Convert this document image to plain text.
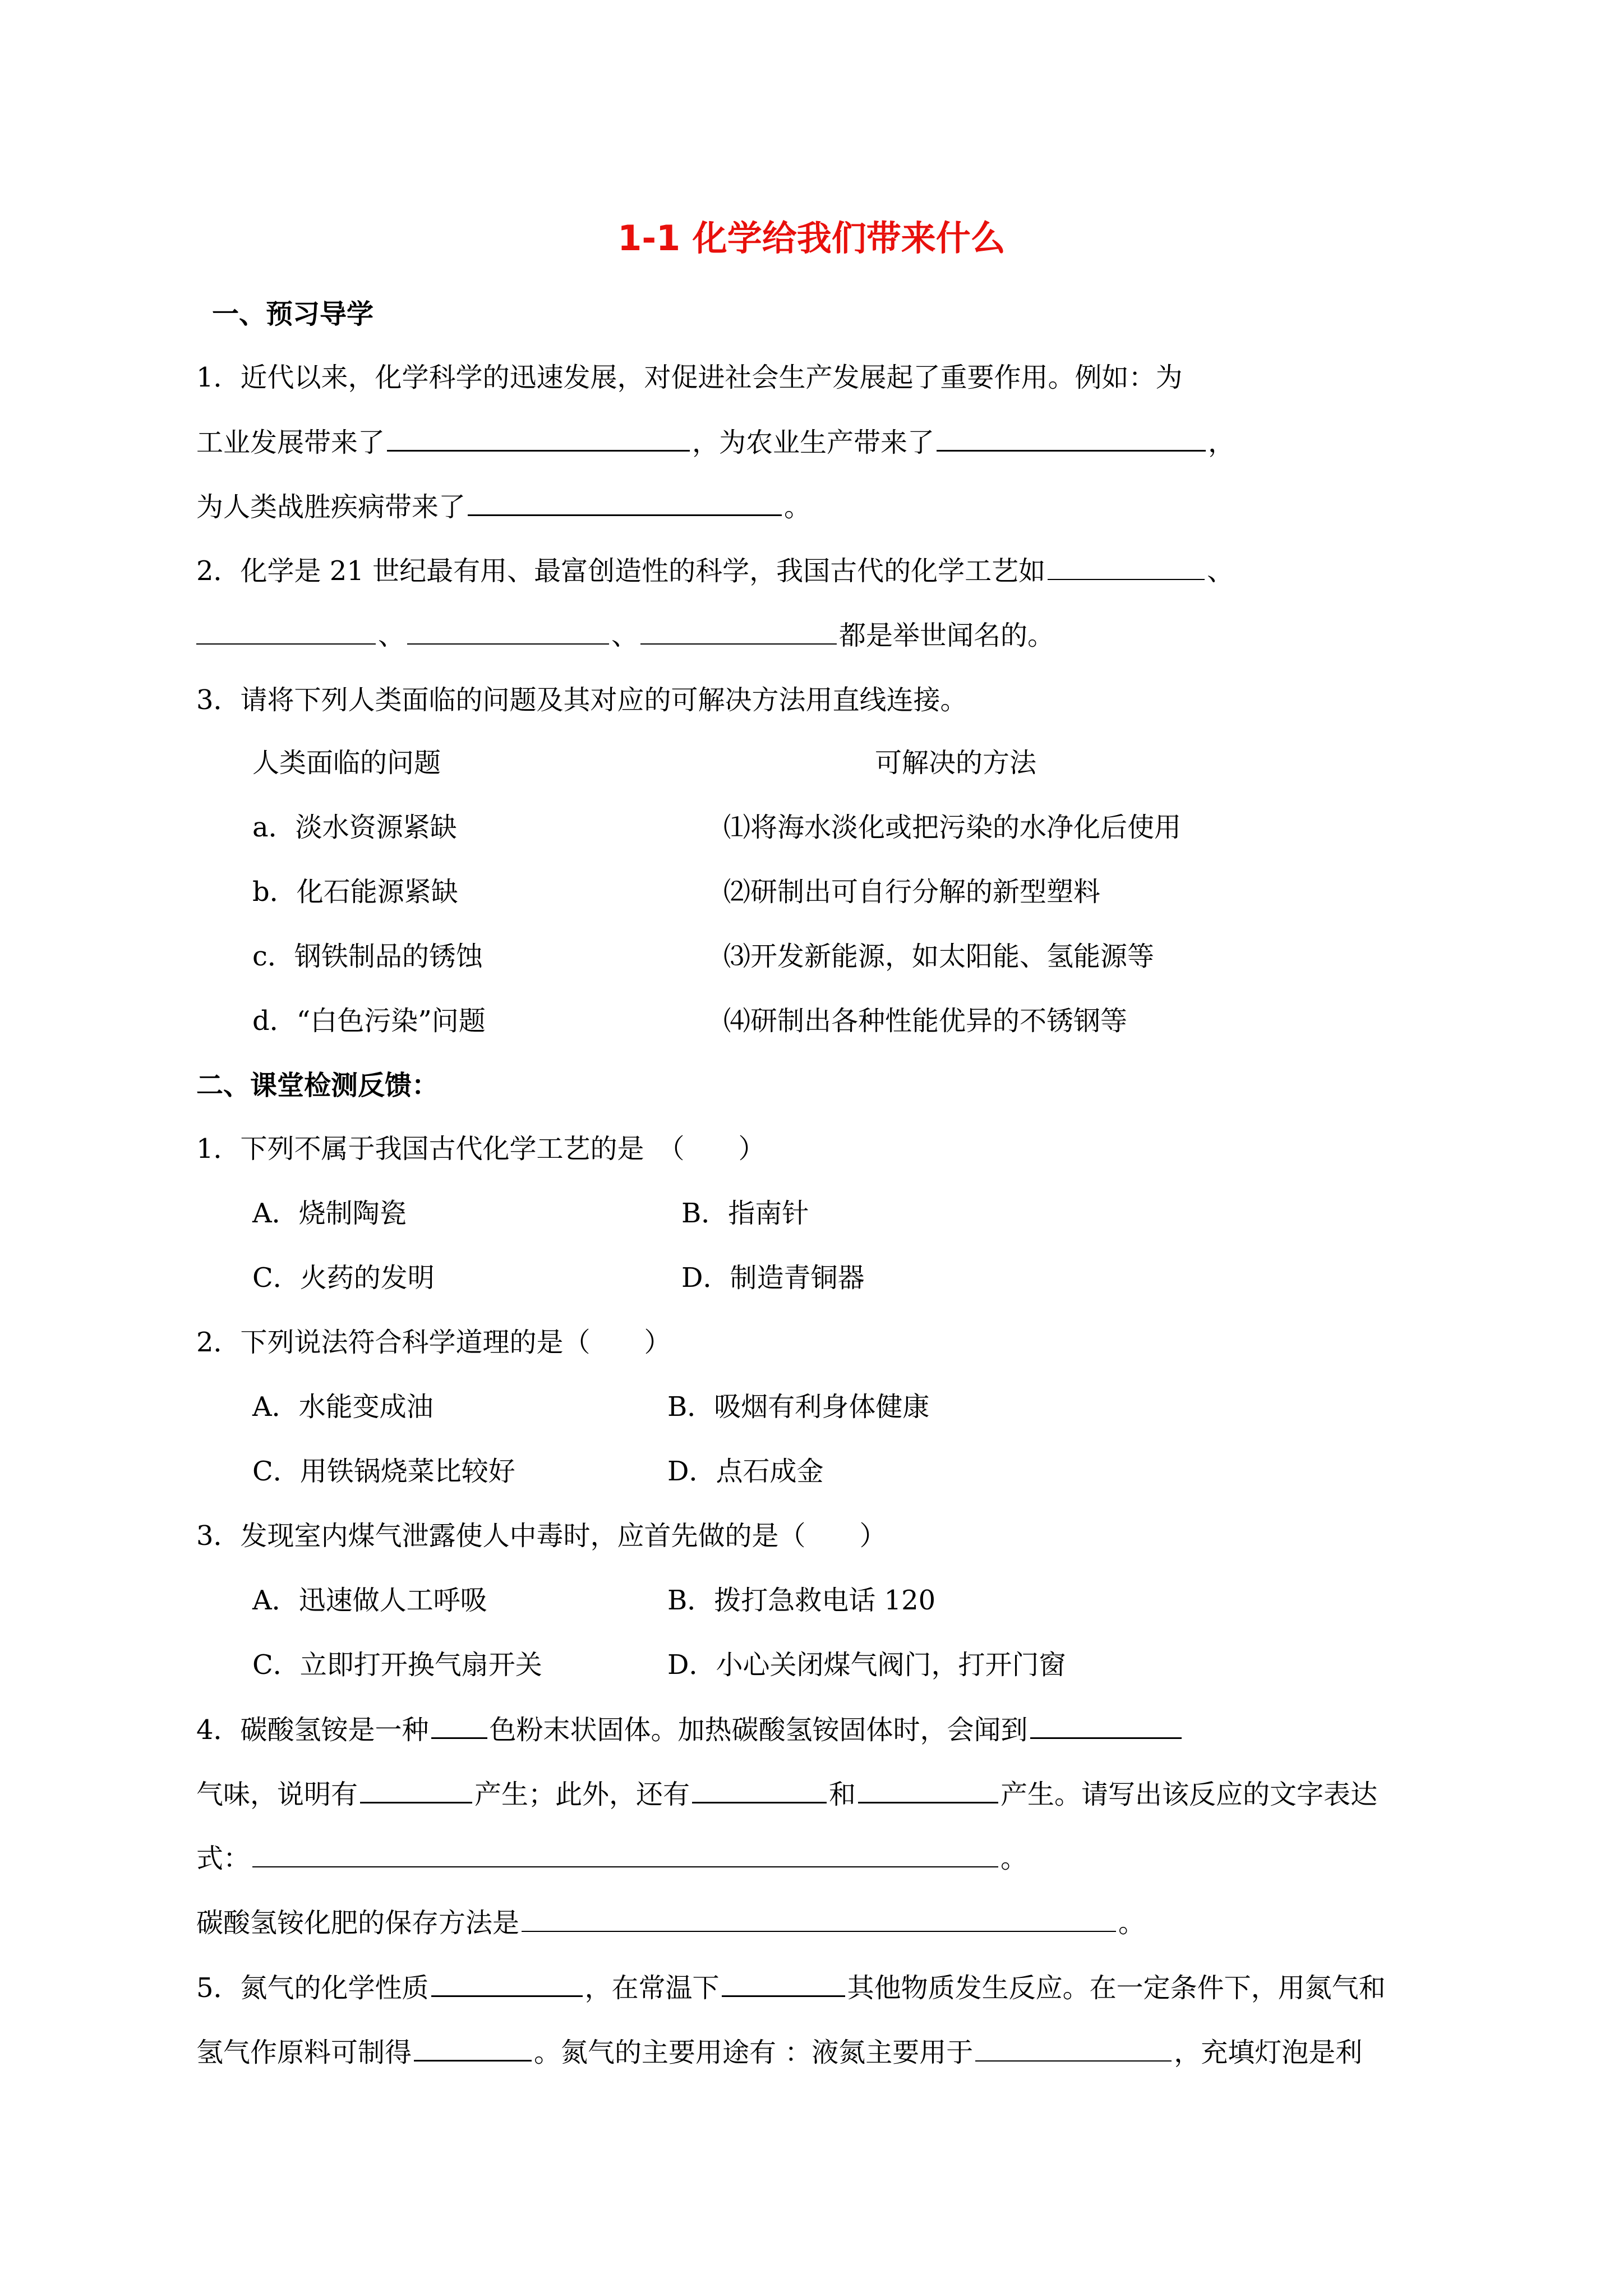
1-1 化学给我们带来什么
一、预习导学
1．近代以来，化学科学的迅速发展，对促进社会生产发展起了重要作用。例如：为
工业发展带来了	，为农业生产带来了	，
为人类战胜疾病带来了	。
2．化学是 21 世纪最有用、最富创造性的科学，我国古代的化学工艺如	、
、	、	都是举世闻名的。
3．请将下列人类面临的问题及其对应的可解决方法用直线连接。
人类面临的问题	可解决的方法
a．淡水资源紧缺	⑴将海水淡化或把污染的水净化后使用
b．化石能源紧缺	⑵研制出可自行分解的新型塑料
c．钢铁制品的锈蚀	⑶开发新能源，如太阳能、氢能源等
d．“白色污染”问题	⑷研制出各种性能优异的不锈钢等
二、课堂检测反馈：
1．下列不属于我国古代化学工艺的是　（　　）
A．烧制陶瓷	B．指南针
C．火药的发明	D．制造青铜器
2．下列说法符合科学道理的是（　　）
A．水能变成油	B．吸烟有利身体健康
C．用铁锅烧菜比较好	D．点石成金
3．发现室内煤气泄露使人中毒时，应首先做的是（　　）
A．迅速做人工呼吸	B．拨打急救电话 120
C．立即打开换气扇开关	D．小心关闭煤气阀门，打开门窗
4．碳酸氢铵是一种 色粉末状固体。加热碳酸氢铵固体时，会闻到
气味，说明有	产生；此外，还有	和	产生。请写出该反应的文字表达
式：	。
碳酸氢铵化肥的保存方法是	。
5．氮气的化学性质	，在常温下	其他物质发生反应。在一定条件下，用氮气和
氢气作原料可制得	。氮气的主要用途有 ：液氮主要用于	，充填灯泡是利
